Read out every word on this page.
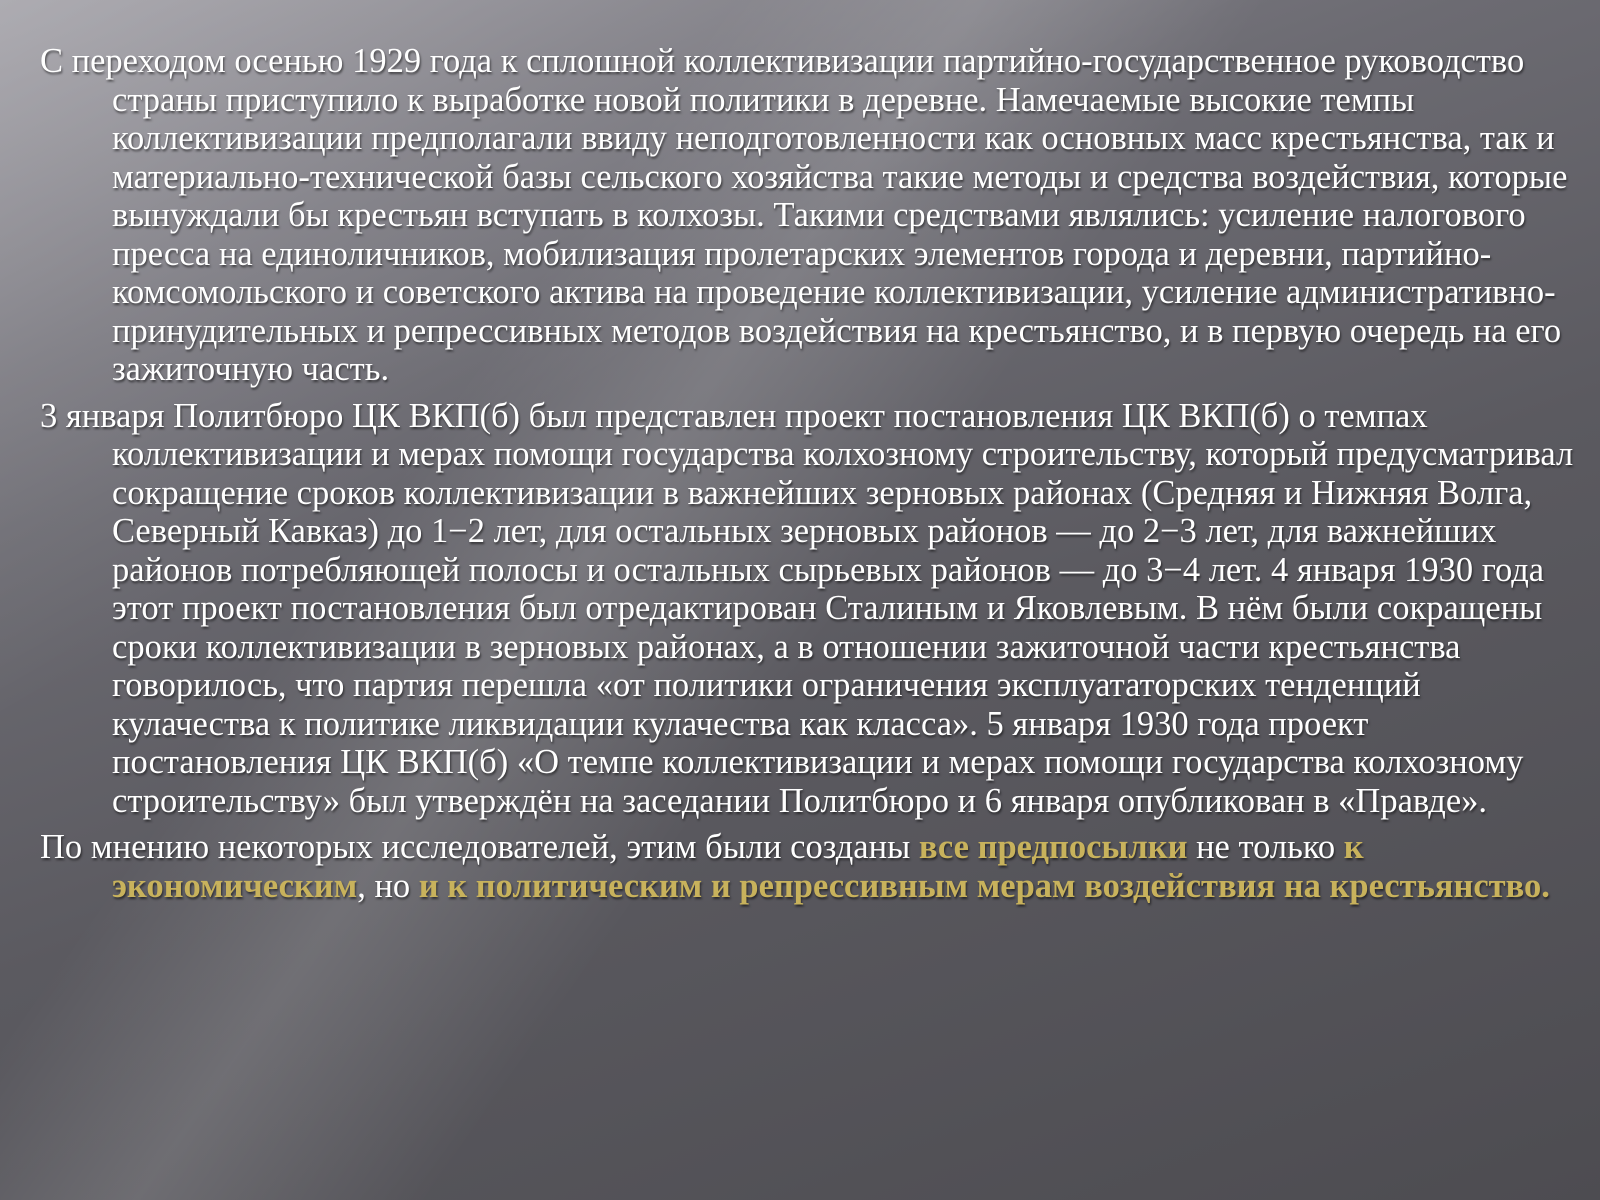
С переходом осенью 1929 года к сплошной коллективизации партийно-государственное руководство страны приступило к выработке новой политики в деревне. Намечаемые высокие темпы коллективизации предполагали ввиду неподготовленности как основных масс крестьянства, так и материально-технической базы сельского хозяйства такие методы и средства воздействия, которые вынуждали бы крестьян вступать в колхозы. Такими средствами являлись: усиление налогового пресса на единоличников, мобилизация пролетарских элементов города и деревни, партийно-комсомольского и советского актива на проведение коллективизации, усиление административно-принудительных и репрессивных методов воздействия на крестьянство, и в первую очередь на его зажиточную часть.

3 января Политбюро ЦК ВКП(б) был представлен проект постановления ЦК ВКП(б) о темпах коллективизации и мерах помощи государства колхозному строительству, который предусматривал сокращение сроков коллективизации в важнейших зерновых районах (Средняя и Нижняя Волга, Северный Кавказ) до 1−2 лет, для остальных зерновых районов — до 2−3 лет, для важнейших районов потребляющей полосы и остальных сырьевых районов — до 3−4 лет. 4 января 1930 года этот проект постановления был отредактирован Сталиным и Яковлевым. В нём были сокращены сроки коллективизации в зерновых районах, а в отношении зажиточной части крестьянства говорилось, что партия перешла «от политики ограничения эксплуататорских тенденций кулачества к политике ликвидации кулачества как класса». 5 января 1930 года проект постановления ЦК ВКП(б) «О темпе коллективизации и мерах помощи государства колхозному строительству» был утверждён на заседании Политбюро и 6 января опубликован в «Правде».

По мнению некоторых исследователей, этим были созданы все предпосылки не только к экономическим, но и к политическим и репрессивным мерам воздействия на крестьянство.
